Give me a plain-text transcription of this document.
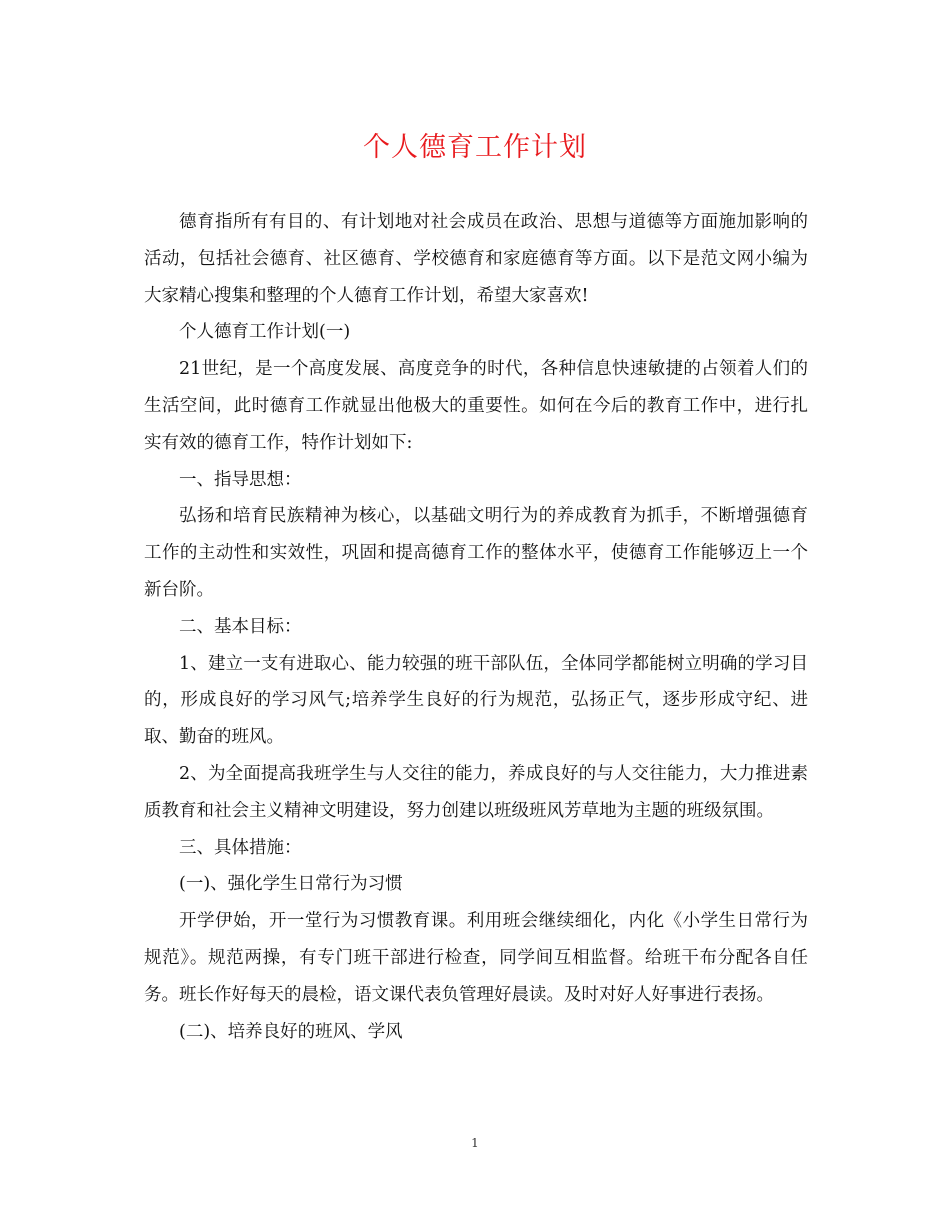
个人德育工作计划

德育指所有有目的、有计划地对社会成员在政治、思想与道德等方面施加影响的活动，包括社会德育、社区德育、学校德育和家庭德育等方面。以下是范文网小编为大家精心搜集和整理的个人德育工作计划，希望大家喜欢!

个人德育工作计划(一)

21世纪，是一个高度发展、高度竞争的时代，各种信息快速敏捷的占领着人们的生活空间，此时德育工作就显出他极大的重要性。如何在今后的教育工作中，进行扎实有效的德育工作，特作计划如下:

一、指导思想：

弘扬和培育民族精神为核心，以基础文明行为的养成教育为抓手，不断增强德育工作的主动性和实效性，巩固和提高德育工作的整体水平，使德育工作能够迈上一个新台阶。

二、基本目标：

1、建立一支有进取心、能力较强的班干部队伍，全体同学都能树立明确的学习目的，形成良好的学习风气;培养学生良好的行为规范，弘扬正气，逐步形成守纪、进取、勤奋的班风。

2、为全面提高我班学生与人交往的能力，养成良好的与人交往能力，大力推进素质教育和社会主义精神文明建设，努力创建以班级班风芳草地为主题的班级氛围。

三、具体措施：

(一)、强化学生日常行为习惯

开学伊始，开一堂行为习惯教育课。利用班会继续细化，内化《小学生日常行为规范》。规范两操，有专门班干部进行检查，同学间互相监督。给班干布分配各自任务。班长作好每天的晨检，语文课代表负管理好晨读。及时对好人好事进行表扬。

(二)、培养良好的班风、学风

1
